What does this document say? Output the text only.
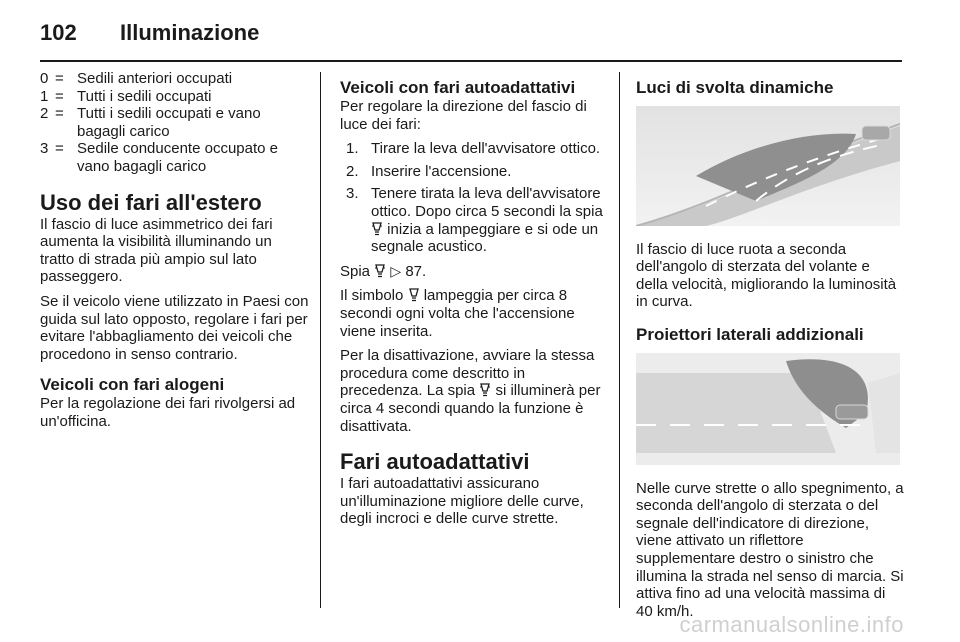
102 Illuminazione
0 = Sedili anteriori occupati
1 = Tutti i sedili occupati
2 = Tutti i sedili occupati e vano bagagli carico
3 = Sedile conducente occupato e vano bagagli carico
Uso dei fari all'estero

Il fascio di luce asimmetrico dei fari aumenta la visibilità illuminando un tratto di strada più ampio sul lato passeggero.

Se il veicolo viene utilizzato in Paesi con guida sul lato opposto, regolare i fari per evitare l'abbagliamento dei veicoli che procedono in senso contrario.

Veicoli con fari alogeni

Per la regolazione dei fari rivolgersi ad un'officina.

Veicoli con fari autoadattativi

Per regolare la direzione del fascio di luce dei fari:

1. Tirare la leva dell'avvisatore ottico.
2. Inserire l'accensione.
3. Tenere tirata la leva dell'avvisatore ottico. Dopo circa 5 secondi la spia
inizia a lampeggiare e si ode un segnale acustico.

Spia ▷ 87.

Il simbolo lampeggia per circa 8 secondi ogni volta che l'accensione viene inserita.

Per la disattivazione, avviare la stessa procedura come descritto in precedenza. La spia si illuminerà per circa 4 secondi quando la funzione è disattivata.

Fari autoadattativi

I fari autoadattativi assicurano un'illuminazione migliore delle curve, degli incroci e delle curve strette.

Luci di svolta dinamiche

Il fascio di luce ruota a seconda dell'angolo di sterzata del volante e della velocità, migliorando la luminosità in curva.

Proiettori laterali addizionali

Nelle curve strette o allo spegnimento, a seconda dell'angolo di sterzata o del segnale dell'indicatore di direzione, viene attivato un riflettore supplementare destro o sinistro che illumina la strada nel senso di marcia. Si attiva fino ad una velocità massima di 40 km/h.

carmanualsonline.info
